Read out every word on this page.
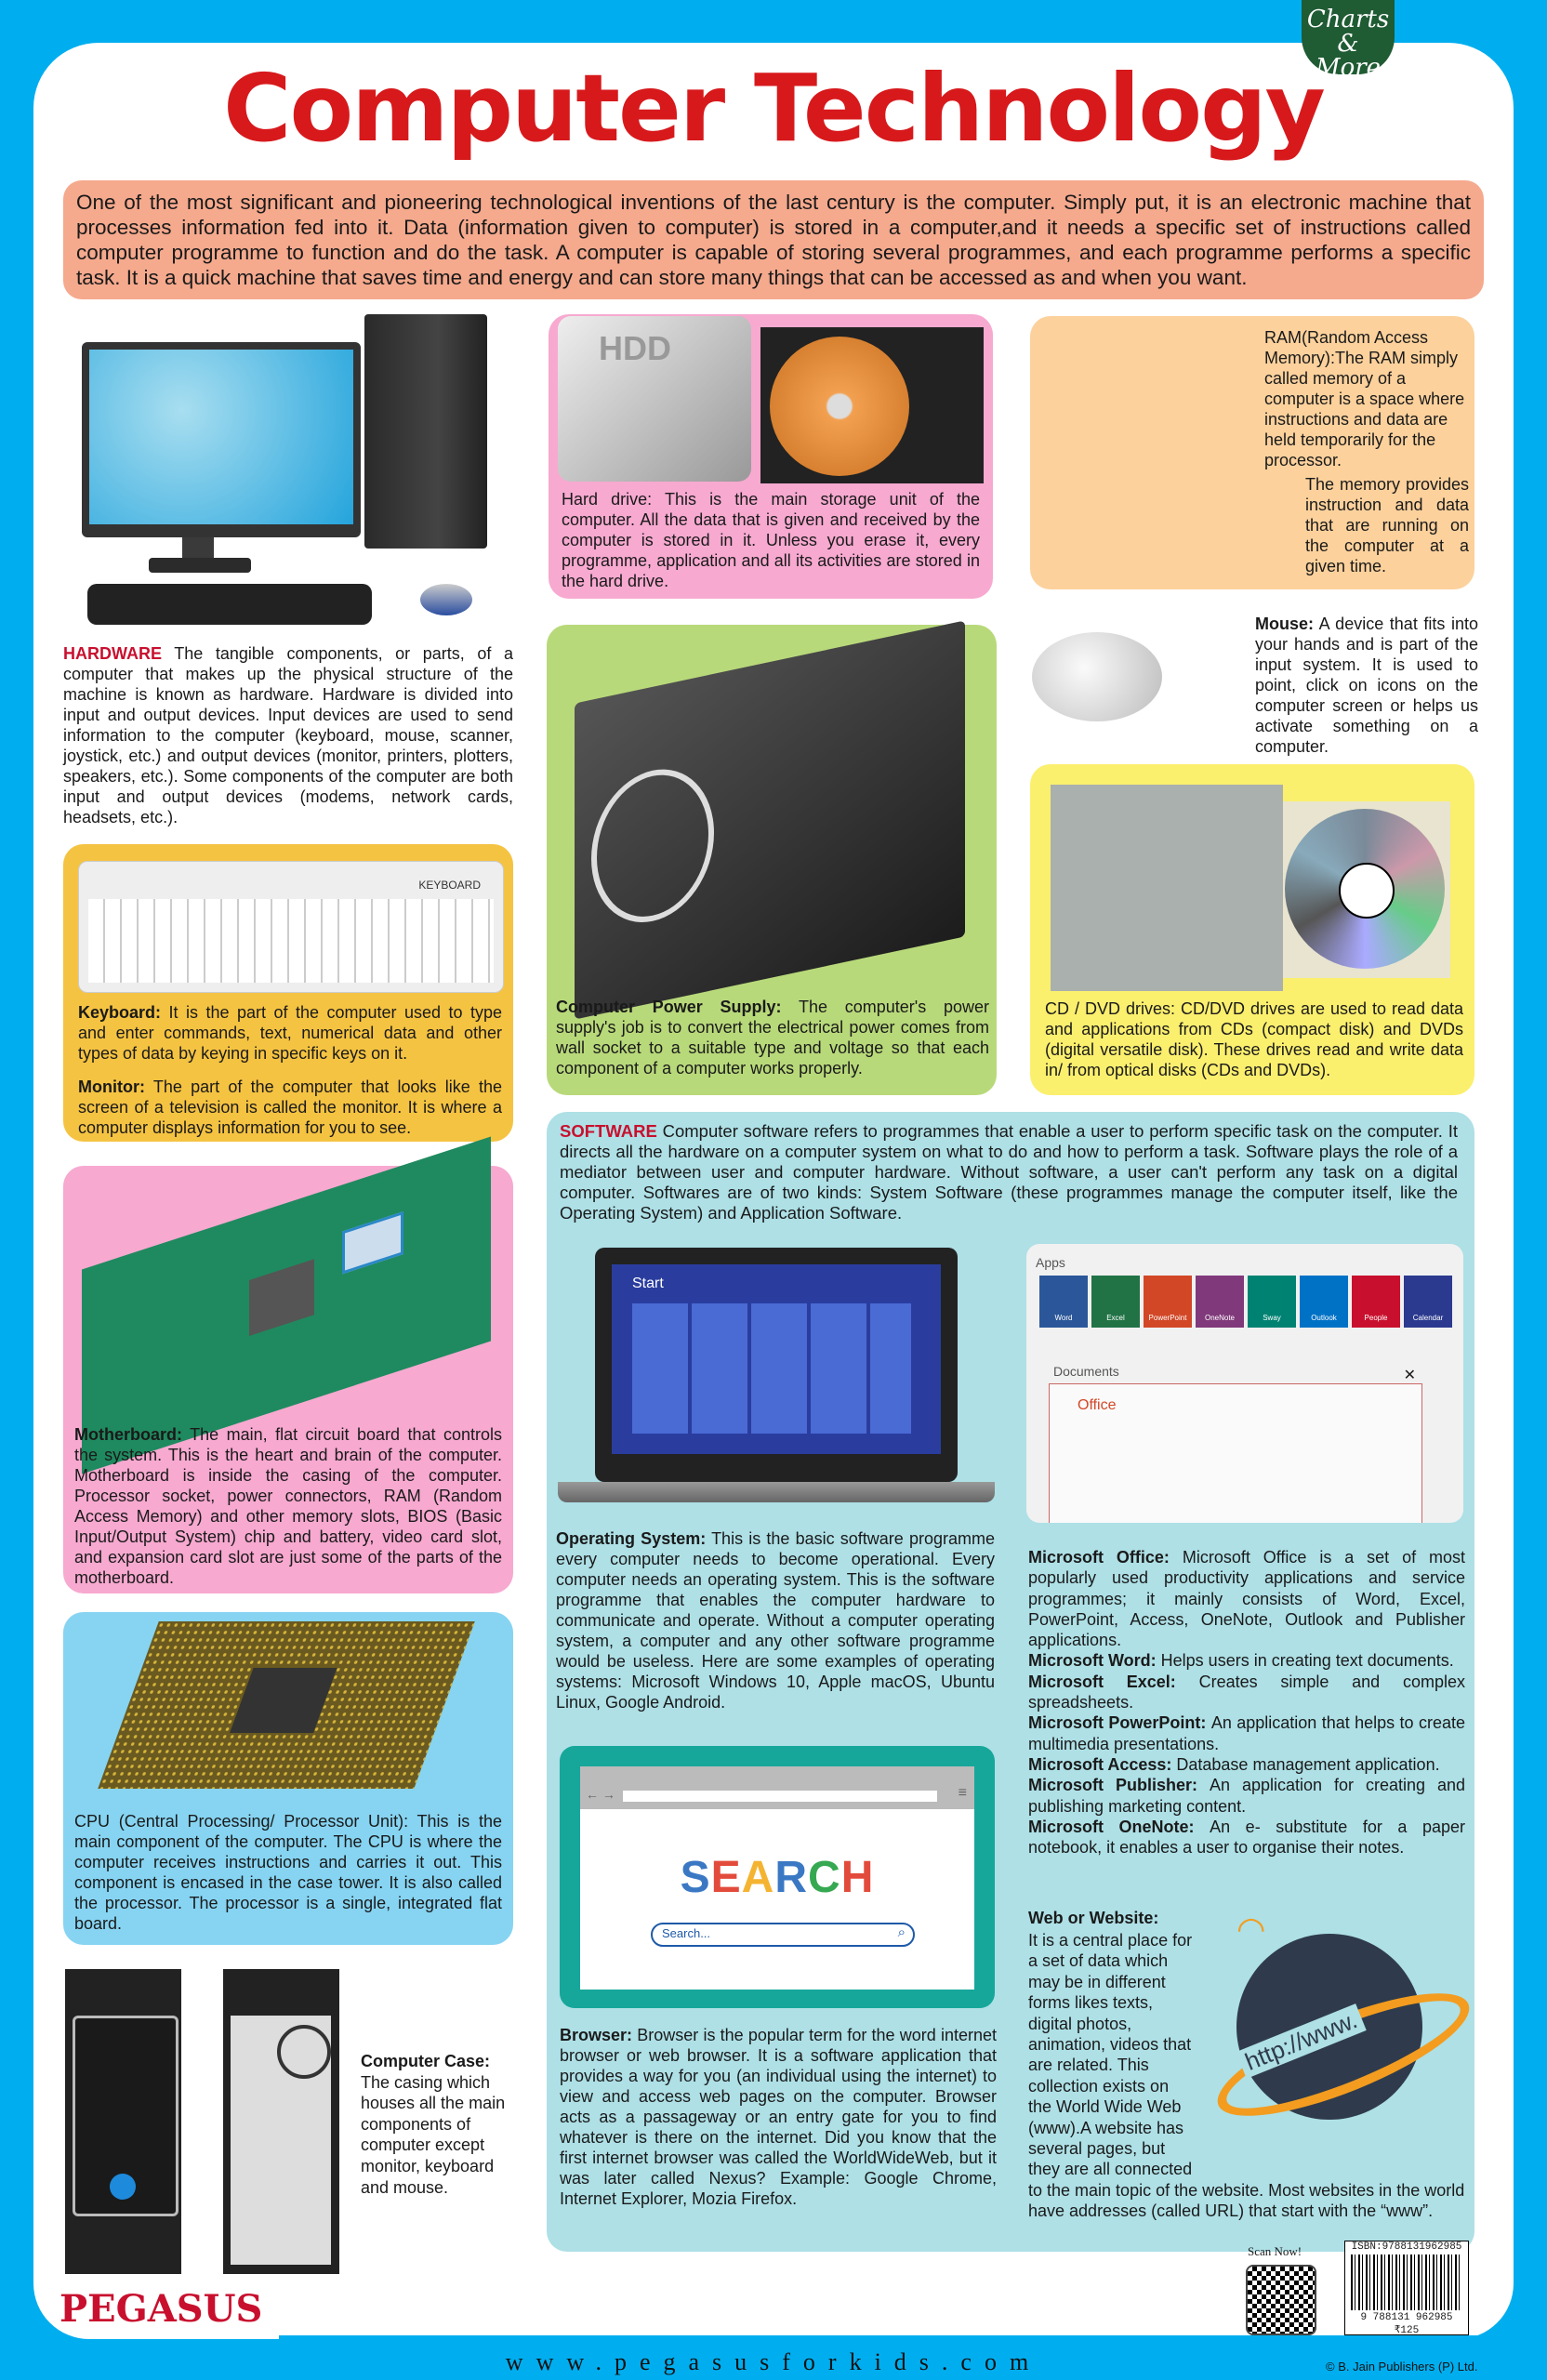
Charts & More
Computer Technology
One of the most significant and pioneering technological inventions of the last century is the computer. Simply put, it is an electronic machine that processes information fed into it. Data (information given to computer) is stored in a computer,and it needs a specific set of instructions called computer programme to function and do the task. A computer is capable of storing several programmes, and each programme performs a specific task. It is a quick machine that saves time and energy and can store many things that can be accessed as and when you want.
HARDWARE The tangible components, or parts, of a computer that makes up the physical structure of the machine is known as hardware. Hardware is divided into input and output devices. Input devices are used to send information to the computer (keyboard, mouse, scanner, joystick, etc.) and output devices (monitor, printers, plotters, speakers, etc.). Some components of the computer are both input and output devices (modems, network cards, headsets, etc.).
Hard drive: This is the main storage unit of the computer. All the data that is given and received by the computer is stored in it. Unless you erase it, every programme, application and all its activities are stored in the hard drive.
HDD	RAM(Random Access Memory):The RAM simply called memory of a computer is a space where instructions and data are held temporarily for the processor.
The memory provides instruction and data that are running on the computer at a given time.
Mouse: A device that fits into your hands and is part of the input system. It is used to point, click on icons on the computer screen or helps us activate something on a computer.
Computer Power Supply: The computer's power supply's job is to convert the electrical power comes from wall socket to a suitable type and voltage so that each component of a computer works properly.
Keyboard: It is the part of the computer used to type and enter commands, text, numerical data and other types of data by keying in specific keys on it.
Monitor: The part of the computer that looks like the screen of a television is called the monitor. It is where a computer displays information for you to see.
KEYBOARD
CD / DVD drives: CD/DVD drives are used to read data and applications from CDs (compact disk) and DVDs (digital versatile disk). These drives read and write data in/ from optical disks (CDs and DVDs).
SOFTWARE Computer software refers to programmes that enable a user to perform specific task on the computer. It directs all the hardware on a computer system on what to do and how to perform a task. Software plays the role of a mediator between user and computer hardware. Without software, a user can't perform any task on a digital computer. Softwares are of two kinds: System Software (these programmes manage the computer itself, like the Operating System) and Application Software.
Motherboard: The main, flat circuit board that controls the system. This is the heart and brain of the computer. Motherboard is inside the casing of the computer. Processor socket, power connectors, RAM (Random Access Memory) and other memory slots, BIOS (Basic Input/Output System) chip and battery, video card slot, and expansion card slot are just some of the parts of the motherboard.
Start
Operating System: This is the basic software programme every computer needs to become operational. Every computer needs an operating system. This is the software programme that enables the computer hardware to communicate and operate. Without a computer operating system, a computer and any other software programme would be useless. Here are some examples of operating systems: Microsoft Windows 10, Apple macOS, Ubuntu Linux, Google Android.
Apps
Word	Excel	PowerPoint	OneNote	Sway	Outlook	People	Calendar
Documents
Office
✕
Microsoft Office: Microsoft Office is a set of most popularly used productivity applications and service programmes; it mainly consists of Word, Excel, PowerPoint, Access, OneNote, Outlook and Publisher applications.
Microsoft Word: Helps users in creating text documents.
Microsoft Excel: Creates simple and complex spreadsheets.
Microsoft PowerPoint: An application that helps to create multimedia presentations.
Microsoft Access: Database management application.
Microsoft Publisher: An application for creating and publishing marketing content.
Microsoft OneNote: An e- substitute for a paper notebook, it enables a user to organise their notes.
CPU (Central Processing/ Processor Unit): This is the main component of the computer. The CPU is where the computer receives instructions and carries it out. This component is encased in the case tower. It is also called the processor. The processor is a single, integrated flat board.
← →	≡
SEARCH
Search...	⌕
Browser: Browser is the popular term for the word internet browser or web browser. It is a software application that provides a way for you (an individual using the internet) to view and access web pages on the computer. Browser acts as a passageway or an entry gate for you to find whatever is there on the internet. Did you know that the first internet browser was called the WorldWideWeb, but it was later called Nexus? Example: Google Chrome, Internet Explorer, Mozia Firefox.
Web or Website:
It is a central place for a set of data which may be in different forms likes texts, digital photos, animation, videos that are related. This collection exists on the World Wide Web (www).A website has several pages, but they are all connected to the main topic of the website. Most websites in the world have addresses (called URL) that start with the “www”.
http://www.
◠
Computer Case:
The casing which houses all the main components of computer except monitor, keyboard and mouse.
PEGASUS
www.pegasusforkids.com
Scan Now!	ISBN:9788131962985
9 788131 962985
₹125
© B. Jain Publishers (P) Ltd.
